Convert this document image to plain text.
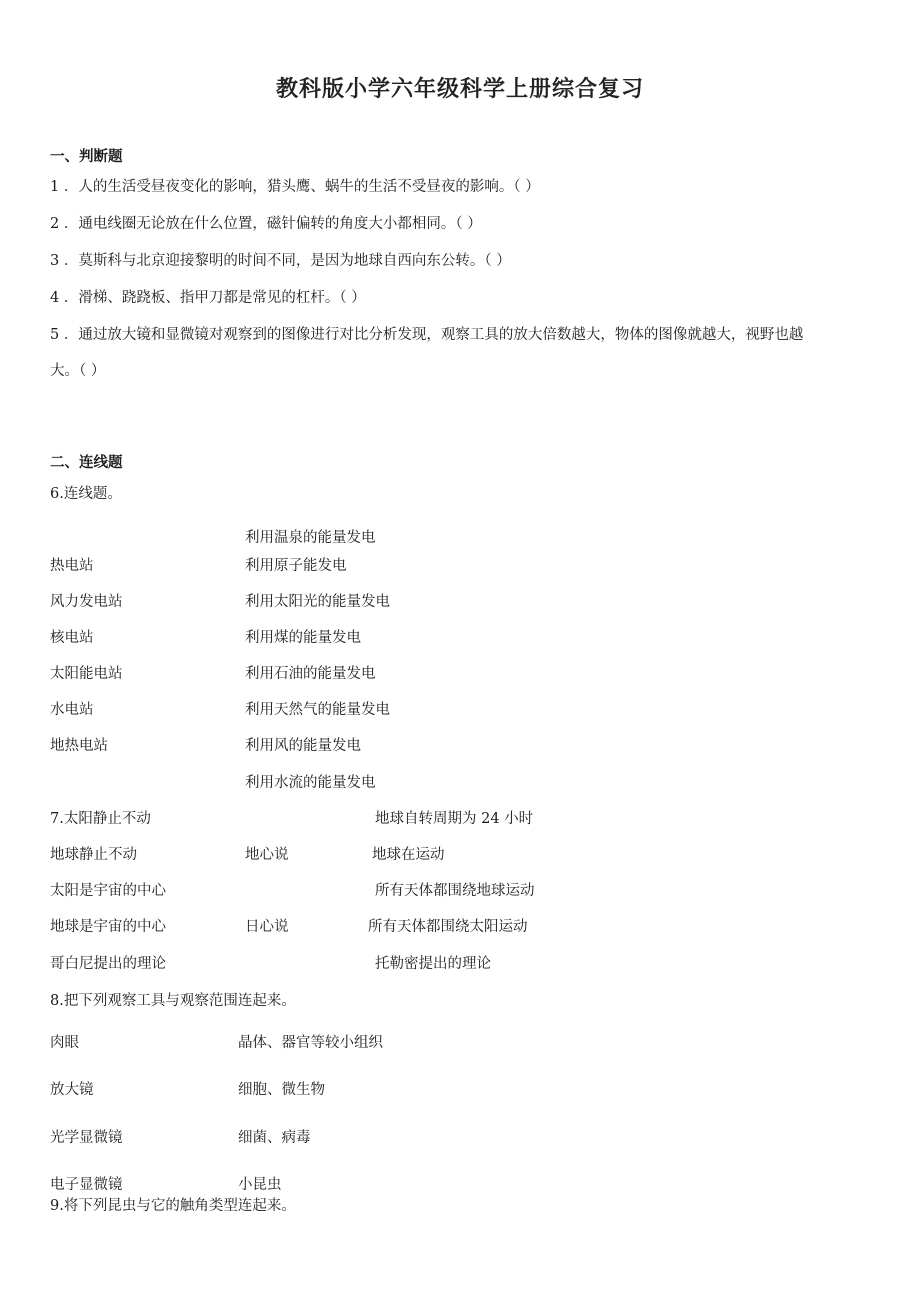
教科版小学六年级科学上册综合复习
一、判断题
1 ．人的生活受昼夜变化的影响，猎头鹰、蜗牛的生活不受昼夜的影响。（ ）
2 ．通电线圈无论放在什么位置，磁针偏转的角度大小都相同。（ ）
3 ．莫斯科与北京迎接黎明的时间不同，是因为地球自西向东公转。（ ）
4 ．滑梯、跷跷板、指甲刀都是常见的杠杆。（ ）
5 ．通过放大镜和显微镜对观察到的图像进行对比分析发现，观察工具的放大倍数越大，物体的图像就越大，视野也越大。（ ）
二、连线题
6.连线题。
利用温泉的能量发电
利用原子能发电
利用太阳光的能量发电
利用煤的能量发电
利用石油的能量发电
利用天然气的能量发电
利用风的能量发电
利用水流的能量发电
热电站
风力发电站
核电站
太阳能电站
水电站
地热电站
7.太阳静止不动
地球静止不动
太阳是宇宙的中心
地球是宇宙的中心
哥白尼提出的理论
地心说
日心说
地球自转周期为 24 小时
地球在运动
所有天体都围绕地球运动
所有天体都围绕太阳运动
托勒密提出的理论
8.把下列观察工具与观察范围连起来。
肉眼
放大镜
光学显微镜
电子显微镜
晶体、器官等较小组织
细胞、微生物
细菌、病毒
小昆虫
9.将下列昆虫与它的触角类型连起来。
